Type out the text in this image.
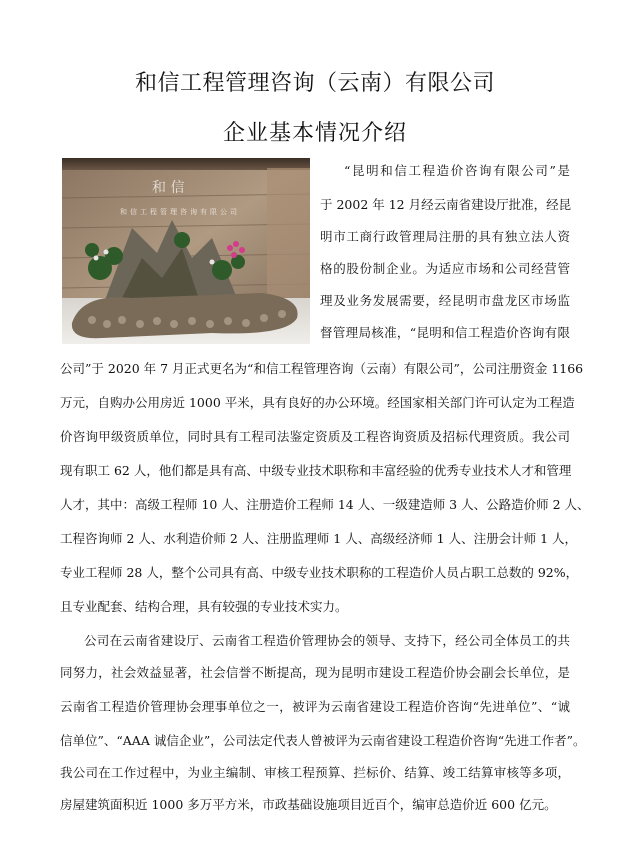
和信工程管理咨询（云南）有限公司
企业基本情况介绍
和 信
和信工程管理咨询有限公司
“昆明和信工程造价咨询有限公司”是
于 2002 年 12 月经云南省建设厅批准，经昆
明市工商行政管理局注册的具有独立法人资
格的股份制企业。为适应市场和公司经营管
理及业务发展需要，经昆明市盘龙区市场监
督管理局核准，“昆明和信工程造价咨询有限
公司”于 2020 年 7 月正式更名为“和信工程管理咨询（云南）有限公司”，公司注册资金 1166
万元，自购办公用房近 1000 平米，具有良好的办公环境。经国家相关部门许可认定为工程造
价咨询甲级资质单位，同时具有工程司法鉴定资质及工程咨询资质及招标代理资质。我公司
现有职工 62 人，他们都是具有高、中级专业技术职称和丰富经验的优秀专业技术人才和管理
人才，其中：高级工程师 10 人、注册造价工程师 14 人、一级建造师 3 人、公路造价师 2 人、
工程咨询师 2 人、水利造价师 2 人、注册监理师 1 人、高级经济师 1 人、注册会计师 1 人，
专业工程师 28 人，整个公司具有高、中级专业技术职称的工程造价人员占职工总数的 92%，
且专业配套、结构合理，具有较强的专业技术实力。
公司在云南省建设厅、云南省工程造价管理协会的领导、支持下，经公司全体员工的共
同努力，社会效益显著，社会信誉不断提高，现为昆明市建设工程造价协会副会长单位，是
云南省工程造价管理协会理事单位之一，被评为云南省建设工程造价咨询“先进单位”、“诚
信单位”、“AAA 诚信企业”，公司法定代表人曾被评为云南省建设工程造价咨询“先进工作者”。
我公司在工作过程中，为业主编制、审核工程预算、拦标价、结算、竣工结算审核等多项，
房屋建筑面积近 1000 多万平方米，市政基础设施项目近百个，编审总造价近 600 亿元。
